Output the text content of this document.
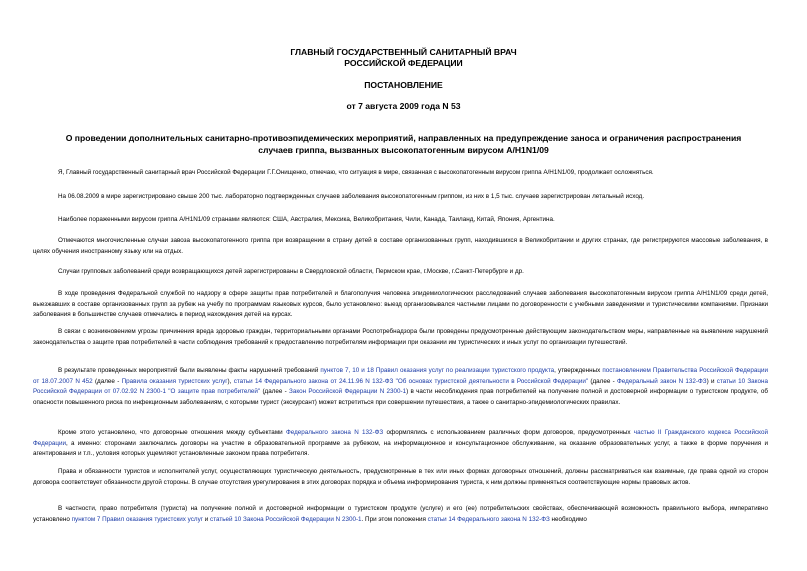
ГЛАВНЫЙ ГОСУДАРСТВЕННЫЙ САНИТАРНЫЙ ВРАЧ
РОССИЙСКОЙ ФЕДЕРАЦИИ
ПОСТАНОВЛЕНИЕ
от 7 августа 2009 года N 53
О проведении дополнительных санитарно-противоэпидемических мероприятий, направленных на предупреждение заноса и ограничения распространения
случаев гриппа, вызванных высокопатогенным вирусом A/H1N1/09
Я, Главный государственный санитарный врач Российской Федерации Г.Г.Онищенко, отмечаю, что ситуация в мире, связанная с высокопатогенным вирусом гриппа A/H1N1/09, продолжает осложняться.
На 06.08.2009 в мире зарегистрировано свыше 200 тыс. лабораторно подтвержденных случаев заболевания высокопатогенным гриппом, из них в 1,5 тыс. случаев зарегистрирован летальный исход.
Наиболее пораженными вирусом гриппа A/H1N1/09 странами являются: США, Австралия, Мексика, Великобритания, Чили, Канада, Таиланд, Китай, Япония, Аргентина.
Отмечаются многочисленные случаи завоза высокопатогенного гриппа при возвращении в страну детей в составе организованных групп, находившихся в Великобритании и других странах, где регистрируются массовые заболевания, в целях обучения иностранному языку или на отдых.
Случаи групповых заболеваний среди возвращающихся детей зарегистрированы в Свердловской области, Пермском крае, г.Москве, г.Санкт-Петербурге и др.
В ходе проведения Федеральной службой по надзору в сфере защиты прав потребителей и благополучия человека эпидемиологических расследований случаев заболевания высокопатогенным вирусом гриппа A/H1N1/09 среди детей, выезжавших в составе организованных групп за рубеж на учебу по программам языковых курсов, было установлено: выезд организовывался частными лицами по договоренности с учебными заведениями и туристическими компаниями. Признаки заболевания в большинстве случаев отмечались в период нахождения детей на курсах.
В связи с возникновением угрозы причинения вреда здоровью граждан, территориальными органами Роспотребнадзора были проведены предусмотренные действующим законодательством меры, направленные на выявление нарушений законодательства о защите прав потребителей в части соблюдения требований к предоставлению потребителям информации при оказании им туристических и иных услуг по организации путешествий.
В результате проведенных мероприятий были выявлены факты нарушений требований пунктов 7, 10 и 18 Правил оказания услуг по реализации туристского продукта, утвержденных постановлением Правительства Российской Федерации от 18.07.2007 N 452 (далее - Правила оказания туристских услуг), статьи 14 Федерального закона от 24.11.96 N 132-ФЗ "Об основах туристской деятельности в Российской Федерации" (далее - Федеральный закон N 132-ФЗ) и статьи 10 Закона Российской Федерации от 07.02.92 N 2300-1 "О защите прав потребителей" (далее - Закон Российской Федерации N 2300-1) в части несоблюдения прав потребителей на получение полной и достоверной информации о туристском продукте, об опасности повышенного риска по инфекционным заболеваниям, с которыми турист (экскурсант) может встретиться при совершении путешествия, а также о санитарно-эпидемиологических правилах.
Кроме этого установлено, что договорные отношения между субъектами Федерального закона N 132-ФЗ оформлялись с использованием различных форм договоров, предусмотренных частью II Гражданского кодекса Российской Федерации, а именно: сторонами заключались договоры на участие в образовательной программе за рубежом, на информационное и консультационное обслуживание, на оказание образовательных услуг, а также в форме поручения и агентирования и т.п., условия которых ущемляют установленные законом права потребителя.
Права и обязанности туристов и исполнителей услуг, осуществляющих туристическую деятельность, предусмотренные в тех или иных формах договорных отношений, должны рассматриваться как взаимные, где права одной из сторон договора соответствует обязанности другой стороны. В случае отсутствия урегулирования в этих договорах порядка и объема информирования туриста, к ним должны применяться соответствующие нормы правовых актов.
В частности, право потребителя (туриста) на получение полной и достоверной информации о туристском продукте (услуге) и его (ее) потребительских свойствах, обеспечивающей возможность правильного выбора, императивно установлено пунктом 7 Правил оказания туристских услуг и статьей 10 Закона Российской Федерации N 2300-1. При этом положения статьи 14 Федерального закона N 132-ФЗ необходимо
